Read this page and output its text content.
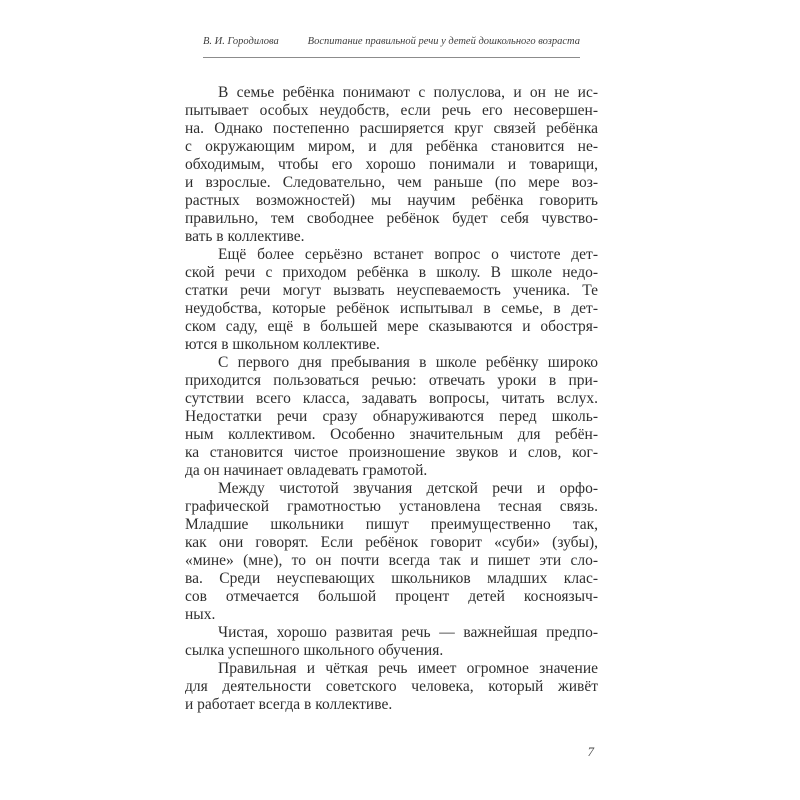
В. И. Городилова	Воспитание правильной речи у детей дошкольного возраста
В семье ребёнка понимают с полуслова, и он не ис-
пытывает особых неудобств, если речь его несовершен-
на. Однако постепенно расширяется круг связей ребёнка
с окружающим миром, и для ребёнка становится не-
обходимым, чтобы его хорошо понимали и товарищи,
и взрослые. Следовательно, чем раньше (по мере воз-
растных возможностей) мы научим ребёнка говорить
правильно, тем свободнее ребёнок будет себя чувство-
вать в коллективе.
Ещё более серьёзно встанет вопрос о чистоте дет-
ской речи с приходом ребёнка в школу. В школе недо-
статки речи могут вызвать неуспеваемость ученика. Те
неудобства, которые ребёнок испытывал в семье, в дет-
ском саду, ещё в большей мере сказываются и обостря-
ются в школьном коллективе.
С первого дня пребывания в школе ребёнку широко
приходится пользоваться речью: отвечать уроки в при-
сутствии всего класса, задавать вопросы, читать вслух.
Недостатки речи сразу обнаруживаются перед школь-
ным коллективом. Особенно значительным для ребён-
ка становится чистое произношение звуков и слов, ког-
да он начинает овладевать грамотой.
Между чистотой звучания детской речи и орфо-
графической грамотностью установлена тесная связь.
Младшие школьники пишут преимущественно так,
как они говорят. Если ребёнок говорит «суби» (зубы),
«мине» (мне), то он почти всегда так и пишет эти сло-
ва. Среди неуспевающих школьников младших клас-
сов отмечается большой процент детей косноязыч-
ных.
Чистая, хорошо развитая речь — важнейшая предпо-
сылка успешного школьного обучения.
Правильная и чёткая речь имеет огромное значение
для деятельности советского человека, который живёт
и работает всегда в коллективе.
7
